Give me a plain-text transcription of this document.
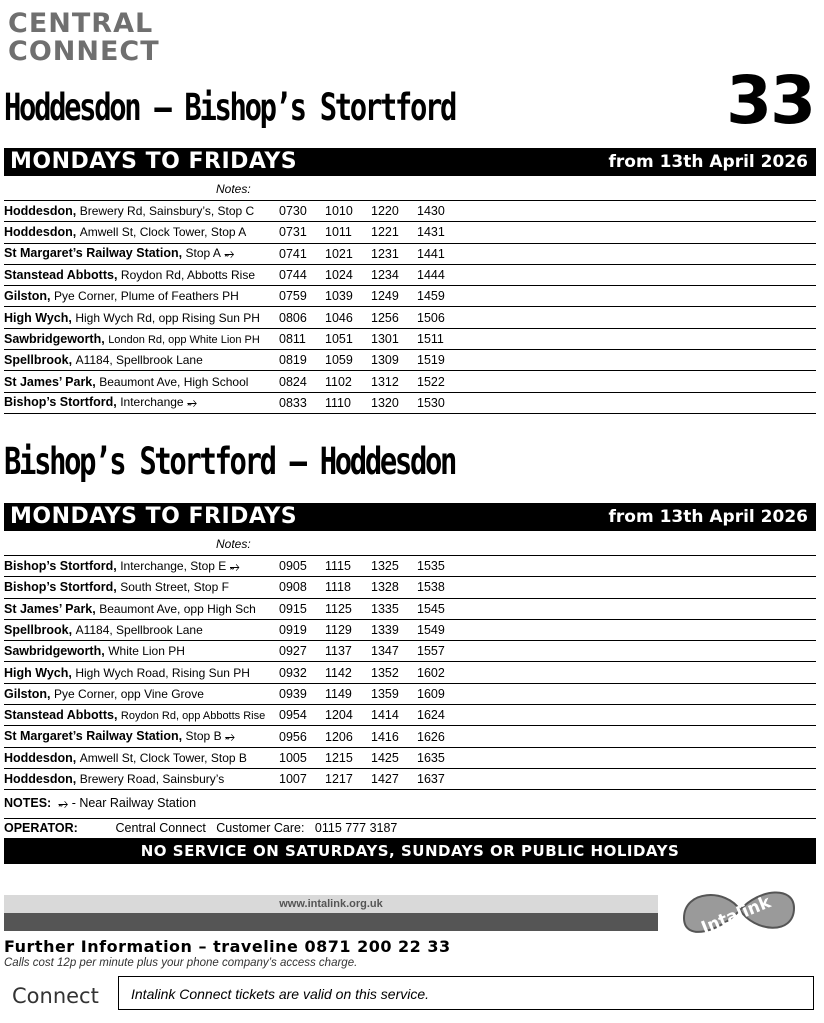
CENTRAL
CONNECT
33
Hoddesdon – Bishop’s Stortford
MONDAYS TO FRIDAYS	from 13th April 2026
Notes:
Hoddesdon, Brewery Rd, Sainsbury’s, Stop C	0730	1010	1220	1430	
Hoddesdon, Amwell St, Clock Tower, Stop A	0731	1011	1221	1431	
St Margaret’s Railway Station, Stop A ⥴	0741	1021	1231	1441	
Stanstead Abbotts, Roydon Rd, Abbotts Rise	0744	1024	1234	1444	
Gilston, Pye Corner, Plume of Feathers PH	0759	1039	1249	1459	
High Wych, High Wych Rd, opp Rising Sun PH	0806	1046	1256	1506	
Sawbridgeworth, London Rd, opp White Lion PH	0811	1051	1301	1511	
Spellbrook, A1184, Spellbrook Lane	0819	1059	1309	1519	
St James’ Park, Beaumont Ave, High School	0824	1102	1312	1522	
Bishop’s Stortford, Interchange ⥴	0833	1110	1320	1530	
Bishop’s Stortford – Hoddesdon
MONDAYS TO FRIDAYS	from 13th April 2026
Notes:
Bishop’s Stortford, Interchange, Stop E ⥴	0905	1115	1325	1535	
Bishop’s Stortford, South Street, Stop F	0908	1118	1328	1538	
St James’ Park, Beaumont Ave, opp High Sch	0915	1125	1335	1545	
Spellbrook, A1184, Spellbrook Lane	0919	1129	1339	1549	
Sawbridgeworth, White Lion PH	0927	1137	1347	1557	
High Wych, High Wych Road, Rising Sun PH	0932	1142	1352	1602	
Gilston, Pye Corner, opp Vine Grove	0939	1149	1359	1609	
Stanstead Abbotts, Roydon Rd, opp Abbotts Rise	0954	1204	1414	1624	
St Margaret’s Railway Station, Stop B ⥴	0956	1206	1416	1626	
Hoddesdon, Amwell St, Clock Tower, Stop B	1005	1215	1425	1635	
Hoddesdon, Brewery Road, Sainsbury’s	1007	1217	1427	1637	
NOTES: ⥴ - Near Railway Station
OPERATOR:	Central Connect Customer Care: 0115 777 3187
NO SERVICE ON SATURDAYS, SUNDAYS OR PUBLIC HOLIDAYS
www.intalink.org.uk	Intalink
Further Information – traveline 0871 200 22 33
Calls cost 12p per minute plus your phone company’s access charge.
Connect	Intalink Connect tickets are valid on this service.
